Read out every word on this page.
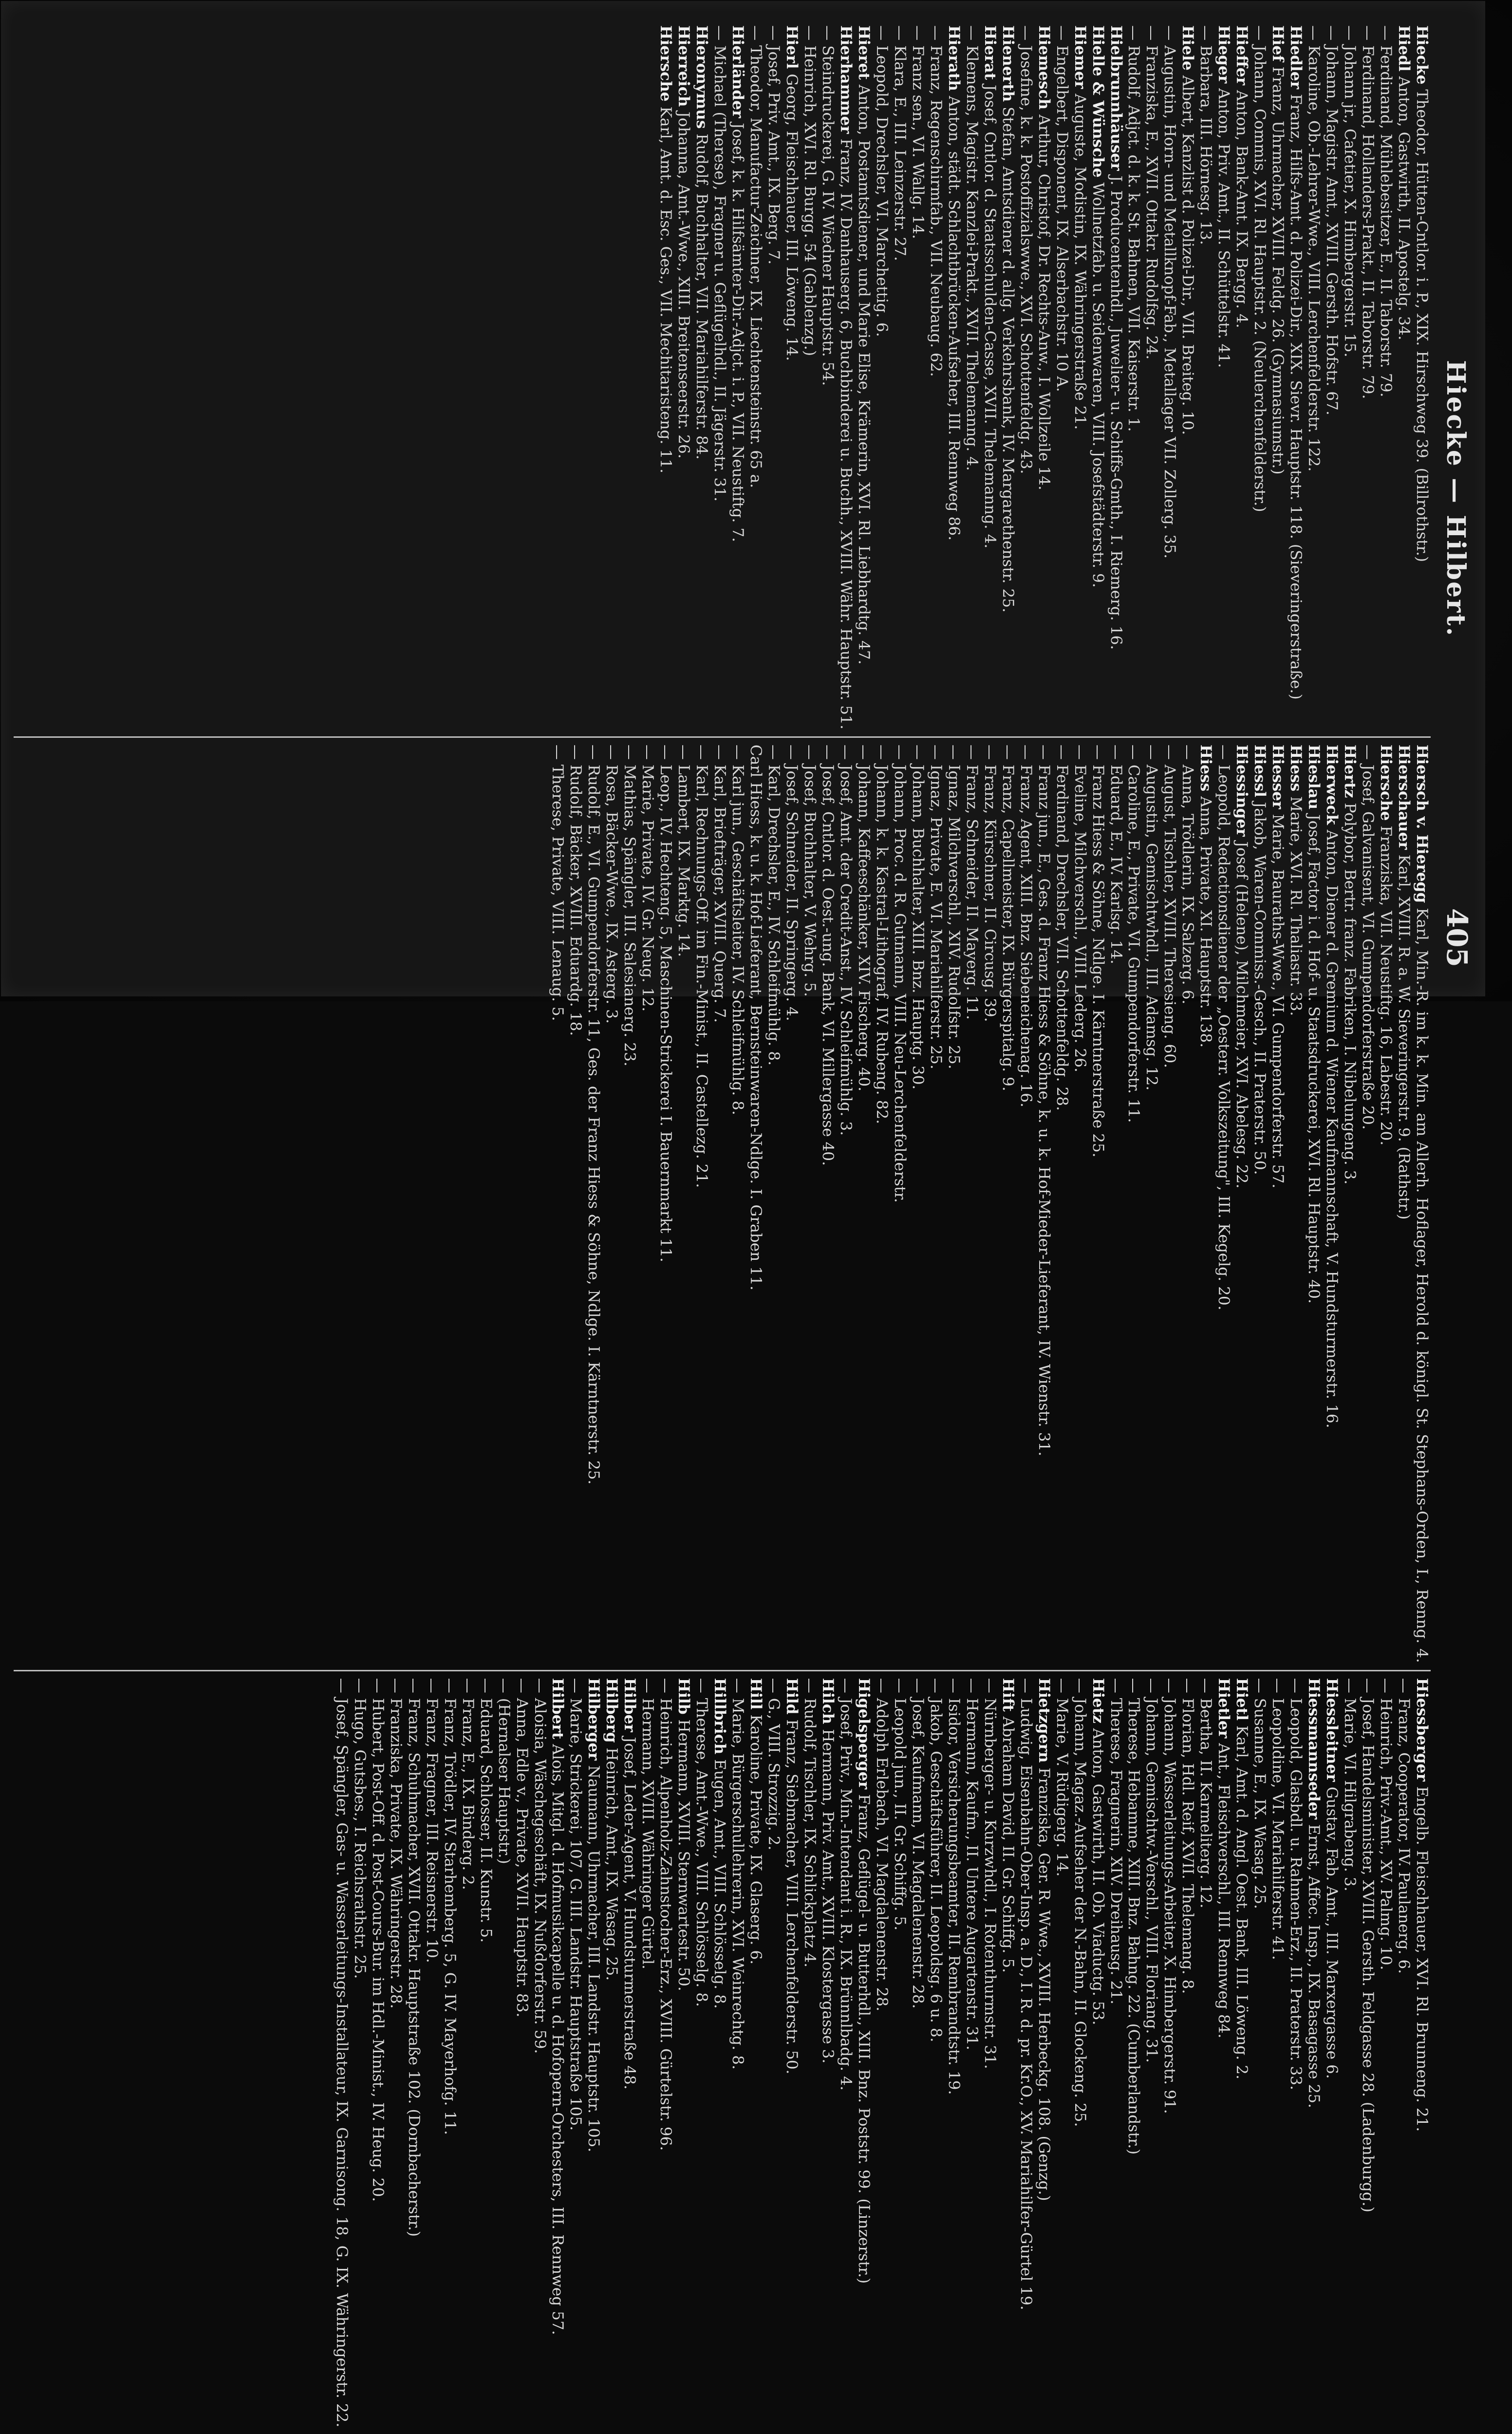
Hiecke — Hilbert.
405
Hiecke Theodor, Hütten-Cntlor. i. P., XIX. Hirschweg 39. (Billrothstr.)
Hiedl Anton, Gastwirth, II. Apostelg. 34.
— Ferdinand, Mühlebesitzer, E., II. Taborstr. 79.
— Ferdinand, Hollanders-Prakt., II. Taborstr. 79.
— Johann jr., Cafetier, X. Himbergerstr. 15.
— Johann, Magistr. Amt., XVIII. Gersth. Hofstr. 67.
— Karoline, Ob.-Lehrer-Wwe., VIII. Lerchenfelderstr. 122.
Hiedler Franz, Hilfs-Amt. d. Polizei-Dir., XIX. Sievr. Hauptstr. 118. (Sieveringerstraße.)
Hief Franz, Uhrmacher, XVIII. Feldg. 26. (Gymnasiumstr.)
— Johann, Commis, XVI. Rl. Hauptstr. 2. (Neulerchenfelderstr.)
Hieffer Anton, Bank-Amt. IX. Bergg. 4.
Hieger Anton, Priv. Amt., II. Schüttelstr. 41.
— Barbara, III. Hörnesg. 13.
Hiele Albert, Kanzlist d. Polizei-Dir., VII. Breiteg. 10.
— Augustin, Horn- und Metallknopf-Fab., Metallager VII. Zollerg. 35.
— Franziska, E., XVII. Ottakr. Rudolfsg. 24.
— Rudolf, Adjct. d. k. k. St. Bahnen, VII. Kaiserstr. 1.
Hielbrunnhäuser J. Producentenhdl., Juwelier- u. Schiffs-Gmth., I. Riemerg. 16.
Hielle & Wünsche Wollnetzfab. u. Seidenwaren, VIII. Josefstädterstr. 9.
Hiemer Auguste, Modistin, IX. Währingerstraße 21.
— Engelbert, Disponent, IX. Alserbachstr. 10 A.
Hiemesch Arthur, Christof, Dr. Rechts-Anw., I. Wollzeile 14.
— Josefine, k. k. Postoffizialswwe., XVI. Schottenfeldg. 43.
Hienerth Stefan, Amtsdiener d. allg. Verkehrsbank, IV. Margarethenstr. 25.
Hierat Josef, Cntlor. d. Staatsschulden-Casse, XVII. Thelemanng. 4.
— Klemens, Magistr. Kanzlei-Prakt., XVII. Thelemanng. 4.
Hierath Anton, städt. Schlachtbrücken-Aufseher, III. Rennweg 86.
— Franz, Regenschirmfab., VII. Neubaug. 62.
— Franz sen., VI. Wallg. 14.
— Klara, E., III. Leinzerstr. 27.
— Leopold, Drechsler, VI. Marchettig. 6.
Hieret Anton, Postamtsdiener, und Marie Elise, Krämerin, XVI. Rl. Liebhardtg. 47.
Hierhammer Franz, IV. Danhauserg. 6, Buchbinderei u. Buchh., XVIII. Währ. Hauptstr. 51.
— Steindruckerei, G. IV. Wiedner Hauptstr. 54.
— Heinrich, XVI. Rl. Burgg. 54 (Gablenzg.)
Hierl Georg, Fleischhauer, III. Löweng. 14.
— Josef, Priv. Amt., IX. Berg. 7.
— Theodor, Manufactur-Zeichner, IX. Liechtensteinstr. 65 a.
Hierländer Josef, k. k. Hilfsämter-Dir.-Adjct. i. P., VII. Neustiftg. 7.
— Michael (Therese), Fragner u. Geflügelhdl., II. Jägerstr. 31.
Hieronymus Rudolf, Buchhalter, VII. Mariahilferstr. 84.
Hierreich Johanna, Amt.-Wwe., XIII. Breitenseerstr. 26.
Hiersche Karl, Amt. d. Esc. Ges., VII. Mechitaristeng. 11.
Hiersch v. Hieregg Karl, Min.-R. im k. k. Min. am Allerh. Hoflager, Herold d. königl. St. Stephans-Orden, I., Renng. 4.
Hierschauer Karl, XVIII. R. a. W. Sieveringerstr. 9. (Rathstr.)
Hiersche Franziska, VII. Neustiftg. 16, Labestr. 20.
— Josef, Galvanisent, VI. Gumpendorferstraße 20.
Hiertz Polybor, Bertr. franz. Fabriken, I. Nibelungeng. 3.
Hierweck Anton, Diener d. Gremium d. Wiener Kaufmannschaft, V. Hundsturmerstr. 16.
Hieslau Josef, Factor i. d. Hof- u. Staatsdruckerei, XVI. Rl. Hauptstr. 40.
Hiess Marie, XVI. Rl. Thaliastr. 33.
Hiesser Marie, Bauraths-Wwe., VI. Gumpendorferstr. 57.
Hiessl Jakob, Waren-Commiss.-Gesch., II. Praterstr. 50.
Hiessinger Josef (Helene), Milchmeier, XVI. Abelesg. 22.
— Leopold, Redactionsdiener der „Oesterr. Volkszeitung", III. Kegelg. 20.
Hiess Anna, Private, XI. Hauptstr. 138.
— Anna, Trödlerin, IX. Salzerg. 6.
— August, Tischler, XVIII. Theresieng. 60.
— Augustin, Gemischtwhdl., III. Adamsg. 12.
— Caroline, E., Private, VI. Gumpendorferstr. 11.
— Eduard, E., IV. Karlsg. 14.
— Franz Hiess & Söhne, Ndlge. I. Kärntnerstraße 25.
— Eveline, Milchverschl., VIII. Lederg. 26.
— Ferdinand, Drechsler, VII. Schottenfeldg. 28.
— Franz jun., E., Ges. d. Franz Hiess & Söhne, k. u. k. Hof-Mieder-Lieferant, IV. Wienstr. 31.
— Franz, Agent, XIII. Bnz. Siebeneichenag. 16.
— Franz, Capellmeister, IX. Bürgerspitalg. 9.
— Franz, Kürschner, II. Circusg. 39.
— Franz, Schneider, II. Mayerg. 11.
— Ignaz, Milchverschl., XIV. Rudolfstr. 25.
— Ignaz, Private, E. VI. Mariahilferstr. 25.
— Johann, Buchhalter, XIII. Bnz. Hauptg. 30.
— Johann, Proc. d. R. Gutmann, VIII. Neu-Lerchenfelderstr.
— Johann, k. k. Kastral-Lithograf, IV. Rubeng. 82.
— Johann, Kaffeeschänker, XIV. Fischerg. 40.
— Josef, Amt. der Credit-Anst., IV. Schleifmühlg. 3.
— Josef, Cntlor. d. Oest.-ung. Bank, VI. Millergasse 40.
— Josef, Buchhalter, V. Wehrg. 5.
— Josef, Schneider, II. Springerg. 4.
— Karl, Drechsler, E., IV. Schleifmühlg. 8.
Carl Hiess, k. u. k. Hof-Lieferant, Bernsteinwaren-Ndlge. I. Graben 11.
— Karl jun., Geschäftsleiter, IV. Schleifmühlg. 8.
— Karl, Briefträger, XVIII. Querg. 7.
— Karl, Rechnungs-Off. im Fin.-Minist., II. Castellezg. 21.
— Lambert, IX. Marktg. 14.
— Leop., IV. Hechteng. 5, Maschinen-Strickerei I. Bauernmarkt 11.
— Marie, Private, IV. Gr. Neug. 12.
— Mathias, Spängler, III. Salesianerg. 23.
— Rosa, Bäcker-Wwe., IX. Asterg. 3.
— Rudolf, E., VI. Gumpendorferstr. 11, Ges. der Franz Hiess & Söhne, Ndlge. I. Kärntnerstr. 25.
— Rudolf, Bäcker, XVIII. Eduardg. 18.
— Therese, Private, VIII. Lenaug. 5.
Hiessberger Engelb. Fleischhauer, XVI. Rl. Brunneng. 21.
— Franz, Cooperator, IV. Paulanerg. 6.
— Heinrich, Priv.-Amt., XV. Palmg. 10.
— Josef, Handelsminister, XVIII. Gersth. Feldgasse 28. (Ladenburgg.)
— Marie, VI. Hilgrabeng. 3.
Hiessleitner Gustav, Fab. Amt., III. Marxergasse 6.
Hiessmannseder Ernst, Affec. Insp., IX. Basagasse 25.
— Leopold, Glasbdl. u. Rahmen-Erz., II. Praterstr. 33.
— Leopoldine, VI. Mariahilferstr. 41.
— Susanne, E., IX. Wasag. 25.
Hietl Karl, Amt. d. Angl. Oest. Bank, III. Löweng. 2.
Hietler Ant., Fleischverschl., III. Rennweg 84.
— Bertha, II. Karmeliterg. 12.
— Florian, Hdl. Reif, XVII. Thelemang. 8.
— Johann, Wasserleitungs-Arbeiter, X. Himbergerstr. 91.
— Johann, Gemischtw.-Verschl., VIII. Floriang. 31.
— Therese, Hebamme, XIII. Bnz. Bahng. 22. (Cumberlandstr.)
— Therese, Fragnerin, XIV. Dreihausg. 21.
Hietz Anton, Gastwirth, II. Ob. Viaductg. 53.
— Johann, Magaz.-Aufseher der N.-Bahn, II. Glockeng. 25.
— Marie, V. Rüdigerg. 14.
Hietzgern Franziska, Ger. R. Wwe., XVIII. Herbeckg. 108. (Genzg.)
— Ludwig, Eisenbahn-Ober-Insp. a. D., I. R. d. pr. Kr.O., XV. Mariahilfer-Gürtel 19.
Hift Abraham David, II. Gr. Schiffg. 5.
— Nürnberger- u. Kurzwhdl., I. Rotenthurmstr. 31.
— Hermann, Kaufm., II. Untere Augartenstr. 31.
— Isidor, Versicherungsbeamter, II. Rembrandtstr. 19.
— Jakob, Geschäftsführer, II. Leopoldsg. 6 u. 8.
— Josef, Kaufmann, VI. Magdalenenstr. 28.
— Leopold jun., II. Gr. Schiffg. 5.
— Adolph Erlebach, VI. Magdalenenstr. 28.
Higelsperger Franz, Geflügel- u. Butterhdl., XIII. Bnz. Poststr. 99. (Linzerstr.)
— Josef, Priv., Min.-Intendant i. R., IX. Brünnlbadg. 4.
Hilch Hermann, Priv. Amt., XVIII. Klostergasse 3.
— Rudolf, Tischler, IX. Schlickplatz 4.
Hild Franz, Siebmacher, VIII. Lerchenfelderstr. 50.
— G., VIII. Strozzig. 2.
Hill Karoline, Private, IX. Glaserg. 6.
— Marie, Bürgerschullehrerin, XVI. Weinrechtg. 8.
Hillbrich Eugen, Amt., VIII. Schlösselg. 8.
— Therese, Amt.-Wwe., VIII. Schlösselg. 8.
Hilb Hermann, XVIII. Sternwartestr. 50.
— Heinrich, Alpenholz-Zahnstocher-Erz., XVIII. Gürtelstr. 96.
— Hermann, XVIII. Währinger Gürtel.
Hilber Josef, Leder-Agent, V. Hundsturmerstraße 48.
Hilberg Heinrich, Amt., IX. Wasag. 25.
Hilberger Naumann, Uhrmacher, III. Landstr. Hauptstr. 105.
— Marie, Strickerei, 107, G. III. Landstr. Hauptstraße 105.
Hilbert Alois, Mitgl. d. Hofmusikcapelle u. d. Hofopern-Orchesters, III. Rennweg 57.
— Aloisia, Wäschegeschäft, IX. Nußdorferstr. 59.
— Anna, Edle v., Private, XVII. Hauptstr. 83.
— (Hernalser Hauptstr.)
— Eduard, Schlosser, II. Kunstr. 5.
— Franz, E., IX. Binderg. 2.
— Franz, Trödler, IV. Starhemberg. 5, G. IV. Mayerhofg. 11.
— Franz, Fragner, III. Reisnerstr. 10.
— Franz, Schuhmacher, XVII. Ottakr. Hauptstraße 102. (Dornbacherstr.)
— Franziska, Private, IX. Währingerstr. 28.
— Hubert, Post-Off. d. Post-Cours-Bur. im Hdl.-Minist., IV. Heug. 20.
— Hugo, Gutsbes., I. Reichsrathstr. 25.
— Josef, Spängler, Gas- u. Wasserleitungs-Installateur, IX. Garnisong. 18, G. IX. Währingerstr. 22.
